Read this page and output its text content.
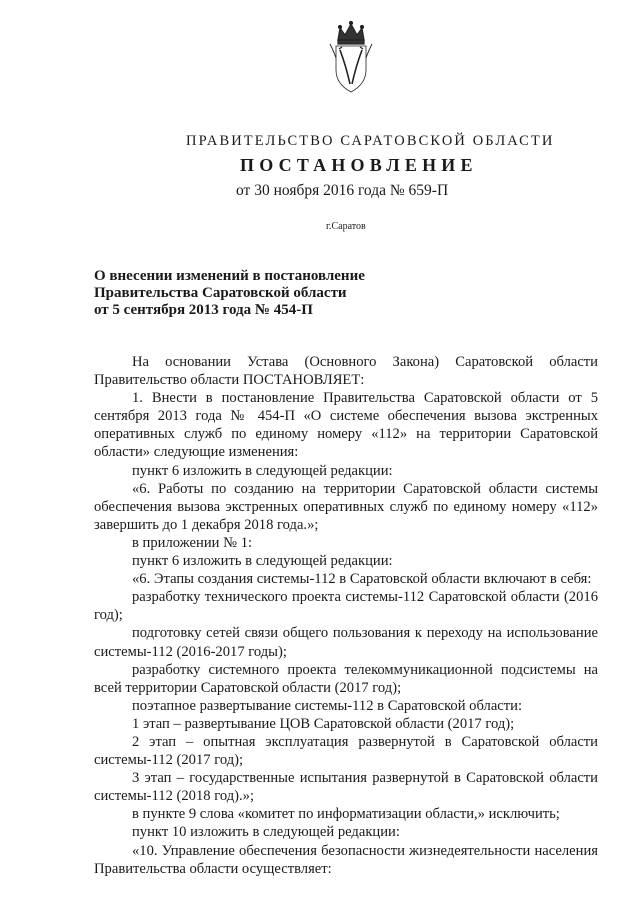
ПРАВИТЕЛЬСТВО САРАТОВСКОЙ ОБЛАСТИ
ПОСТАНОВЛЕНИЕ
от 30 ноября 2016 года № 659-П
г.Саратов
О внесении изменений в постановление
Правительства Саратовской области
от 5 сентября 2013 года № 454-П
На основании Устава (Основного Закона) Саратовской области Правительство области ПОСТАНОВЛЯЕТ:
1. Внести в постановление Правительства Саратовской области от 5 сентября 2013 года № 454-П «О системе обеспечения вызова экстренных оперативных служб по единому номеру «112» на территории Саратовской области» следующие изменения:
пункт 6 изложить в следующей редакции:
«6. Работы по созданию на территории Саратовской области системы обеспечения вызова экстренных оперативных служб по единому номеру «112» завершить до 1 декабря 2018 года.»;
в приложении № 1:
пункт 6 изложить в следующей редакции:
«6. Этапы создания системы-112 в Саратовской области включают в себя:
разработку технического проекта системы-112 Саратовской области (2016 год);
подготовку сетей связи общего пользования к переходу на использование системы-112 (2016-2017 годы);
разработку системного проекта телекоммуникационной подсистемы на всей территории Саратовской области (2017 год);
поэтапное развертывание системы-112 в Саратовской области:
1 этап – развертывание ЦОВ Саратовской области (2017 год);
2 этап – опытная эксплуатация развернутой в Саратовской области системы-112 (2017 год);
3 этап – государственные испытания развернутой в Саратовской области системы-112 (2018 год).»;
в пункте 9 слова «комитет по информатизации области,» исключить;
пункт 10 изложить в следующей редакции:
«10. Управление обеспечения безопасности жизнедеятельности населения Правительства области осуществляет:
